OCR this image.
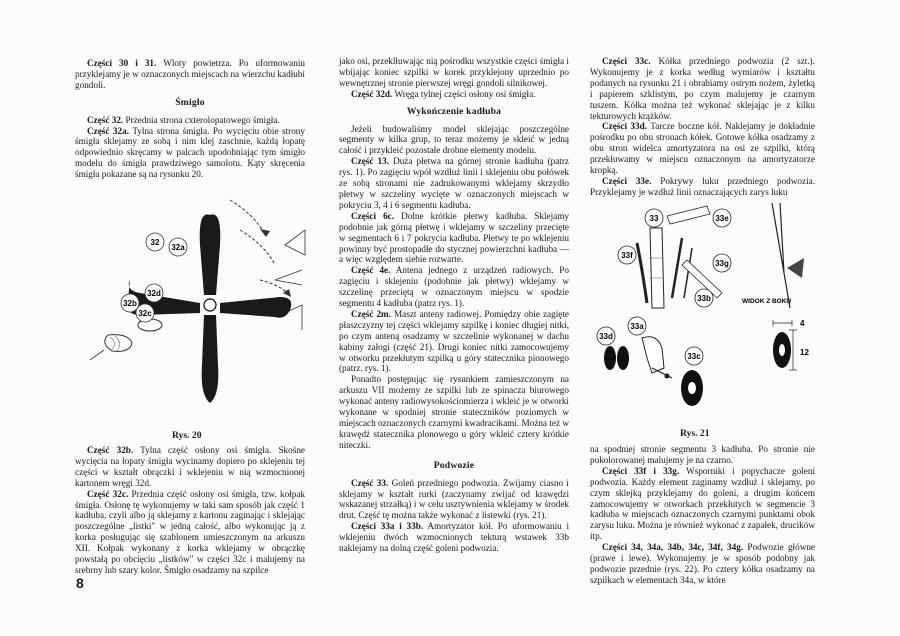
Części 30 i 31. Wloty powietrza. Po uformowaniu przyklejamy je w oznaczonych miejscach na wierzchu kadłubi gondoli.

Śmigło

Część 32. Przednia strona cxterolopatowego śmigła.

Część 32a. Tylna strona śmigła. Po wycięciu obie strony śmigła sklejamy ze sobą i nim klej zaschnie, każdą łopatę odpowiednio skręcamy w palcach upodobniając tym śmigło modelu do śmigła prawdziwego samolotu. Kąty skręcenia śmigła pokazane są na rysunku 20.

32
32a
32d
32b
32c
Rys. 20

Część 32b. Tylna część osłony osi śmigła. Skośne wycięcia na łopaty śmigła wycinamy dopiero po sklejeniu tej części w kształt obrączki i wklejeniu w nią wzmocnionej kartonem wręgi 32d.

Część 32c. Przednia część osłony osi śmigła, tzw. kołpak śmigła. Osłonę tę wykonujemy w taki sam sposób jak część 1 kadłuba, czyli albo ją sklejamy z kartonu zaginając i sklejając poszczególne „listki" w jedną całość, albo wykonując ją z korka posługując się szablonem umieszczonym na arkuszu XII. Kołpak wykonany z korka wklejamy w obrączkę powstałą po obcięciu „listków" w części 32c i malujemy na srebrny lub szary kolor. Śmigło osadzamy na szpilce

jako osi, przeklłuwając nią pośrodku wszystkie części śmigła i wbijając koniec szpilki w korek przyklejony uprzednio po wewnętrznej stronie pierwszej wręgi gondoli silnikowej.

Część 32d. Wręga tylnej części osłony osi śmigła.

Wykończenie kadłuba

Jeżeli budowaliśmy model sklejając poszczególne segmenty w kilka grup, to teraz możemy je skleić w jedną całość i przykleić pozostałe drobne elementy modelu.

Część 13. Duża płetwa na górnej stronie kadłuba (patrz rys. 1). Po zagięciu wpół wzdłuż linii i sklejeniu obu połówek ze sobą stronami nie zadrukowanymi wklejamy skrzydło płetwy w szczeliny wycięte w oznaczonych miejscach w pokryciu 3, 4 i 6 segmentu kadłuba.

Części 6c. Dolne krótkie płetwy kadłuba. Sklejamy podobnie jak górną płetwę i wklejamy w szczeliny przecięte w segmentach 6 i 7 pokrycia kadłuba. Płetwy te po wklejeniu powinny być prostopadłe do stycznej powierzchni kadłuba — a więc względem siebie rozwarte.

Część 4e. Antena jednego z urządzeń radiowych. Po zagięciu i sklejeniu (podobnie jak płetwy) wklejamy w szczelinę przeciętą w oznaczonym miejscu w spodzie segmentu 4 kadłuba (patrz rys. 1).

Część 2m. Maszt anteny radiowej. Pomiędzy obie zagięte płaszczyzny tej części wklejamy szpilkę i koniec długiej nitki, po czym anteną osadzamy w szczelinie wykonanej w dachu kabiny załogi (część 21). Drugi koniec nitki zamocowujemy w otworku przekłutym szpilką u góry statecznika pionowego (patrz. rys. 1).

Ponadto postępując się rysunkiem zamieszczonym na arkuszu VII możemy ze szpilki lub ze spinacza biurowego wykonać anteny radiowysokościomierza i wkleić je w otworki wykonane w spodniej stronie stateczników poziomych w miejscach oznaczonych czarnymi kwadracikami. Można też w krawędź statecznika plonowego u góry wkleić cztery krótkie niteczki.

Podwozie

Część 33. Goleń przedniego podwozia. Zwijamy ciasno i sklejamy w kształt rurki (zaczynamy zwijać od krawędzi wskazanej strzałką) i w celu usztywnienia wklejamy w środek drut. Część tę można także wykonać z listewki (rys. 21).

Części 33a i 33b. Amortyzator kół. Po uformowaniu i wklejeniu dwóch wzmocnionych tekturą wstawek 33b naklejamy na dolną część goleni podwozia.

Części 33c. Kółka przedniego podwozia (2 szt.). Wykonujemy je z korka według wymiarów i kształtu podanych na rysunku 21 i obrabiamy ostrym nożem, żyletką i papierem szklistym, po czym malujemy je czarnym tuszem. Kółka można też wykonać sklejając je z kilku tekturowych krążków.

Części 33d. Tarcze boczne kół. Naklejamy je dokładnie pośrodku po obu stronach kółek. Gotowe kółka osadzamy z obu stron widelca amortyzatora na osi ze szpilki, którą przekłuwamy w miejscu oznaczonym na amortyzatorze kropką.

Części 33e. Pokrywy luku przedniego podwozia. Przyklejamy je wzdłuż linii oznaczających zarys luku

4
12
WIDOK Z BOKU
33	33e
33f
33g
33b
33a
33c
33d
Rys. 21

na spodniej stronie segmentu 3 kadłuba. Po stronie nie pokolorowanej malujemy je na czarno.

Części 33f i 33g. Wsporniki i popychacze goleni podwozia. Każdy element zaginamy wzdłuż i sklejamy, po czym sklejką przyklejamy do goleni, a drugim końcem zamocowujemy w otworkach przekłutych w segmencie 3 kadłuba w miejscach oznaczonych czarnymi punktami obok zarysu luku. Można je również wykonać z zapałek, drucików itp.

Części 34, 34a, 34b, 34c, 34f, 34g. Podwozie główne (prawe i lewe). Wykonujemy je w sposób podobny jak podwozie przednie (rys. 22). Po cztery kółka osadzamy na szpilkach w elementach 34a, w które

8
